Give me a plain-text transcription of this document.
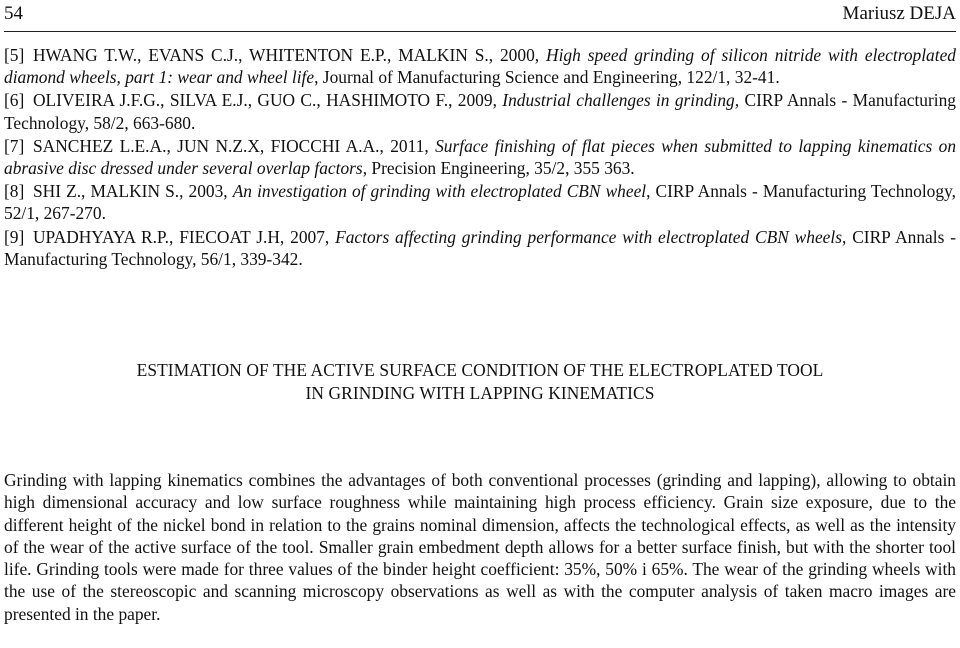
54	Mariusz DEJA
[5] HWANG T.W., EVANS C.J., WHITENTON E.P., MALKIN S., 2000, High speed grinding of silicon nitride with electroplated diamond wheels, part 1: wear and wheel life, Journal of Manufacturing Science and Engineering, 122/1, 32-41.
[6] OLIVEIRA J.F.G., SILVA E.J., GUO C., HASHIMOTO F., 2009, Industrial challenges in grinding, CIRP Annals - Manufacturing Technology, 58/2, 663-680.
[7] SANCHEZ L.E.A., JUN N.Z.X, FIOCCHI A.A., 2011, Surface finishing of flat pieces when submitted to lapping kinematics on abrasive disc dressed under several overlap factors, Precision Engineering, 35/2, 355 363.
[8] SHI Z., MALKIN S., 2003, An investigation of grinding with electroplated CBN wheel, CIRP Annals - Manufacturing Technology, 52/1, 267-270.
[9] UPADHYAYA R.P., FIECOAT J.H, 2007, Factors affecting grinding performance with electroplated CBN wheels, CIRP Annals - Manufacturing Technology, 56/1, 339-342.
ESTIMATION OF THE ACTIVE SURFACE CONDITION OF THE ELECTROPLATED TOOL
IN GRINDING WITH LAPPING KINEMATICS
Grinding with lapping kinematics combines the advantages of both conventional processes (grinding and lapping), allowing to obtain high dimensional accuracy and low surface roughness while maintaining high process efficiency. Grain size exposure, due to the different height of the nickel bond in relation to the grains nominal dimension, affects the technological effects, as well as the intensity of the wear of the active surface of the tool. Smaller grain embedment depth allows for a better surface finish, but with the shorter tool life. Grinding tools were made for three values of the binder height coefficient: 35%, 50% i 65%. The wear of the grinding wheels with the use of the stereoscopic and scanning microscopy observations as well as with the computer analysis of taken macro images are presented in the paper.
